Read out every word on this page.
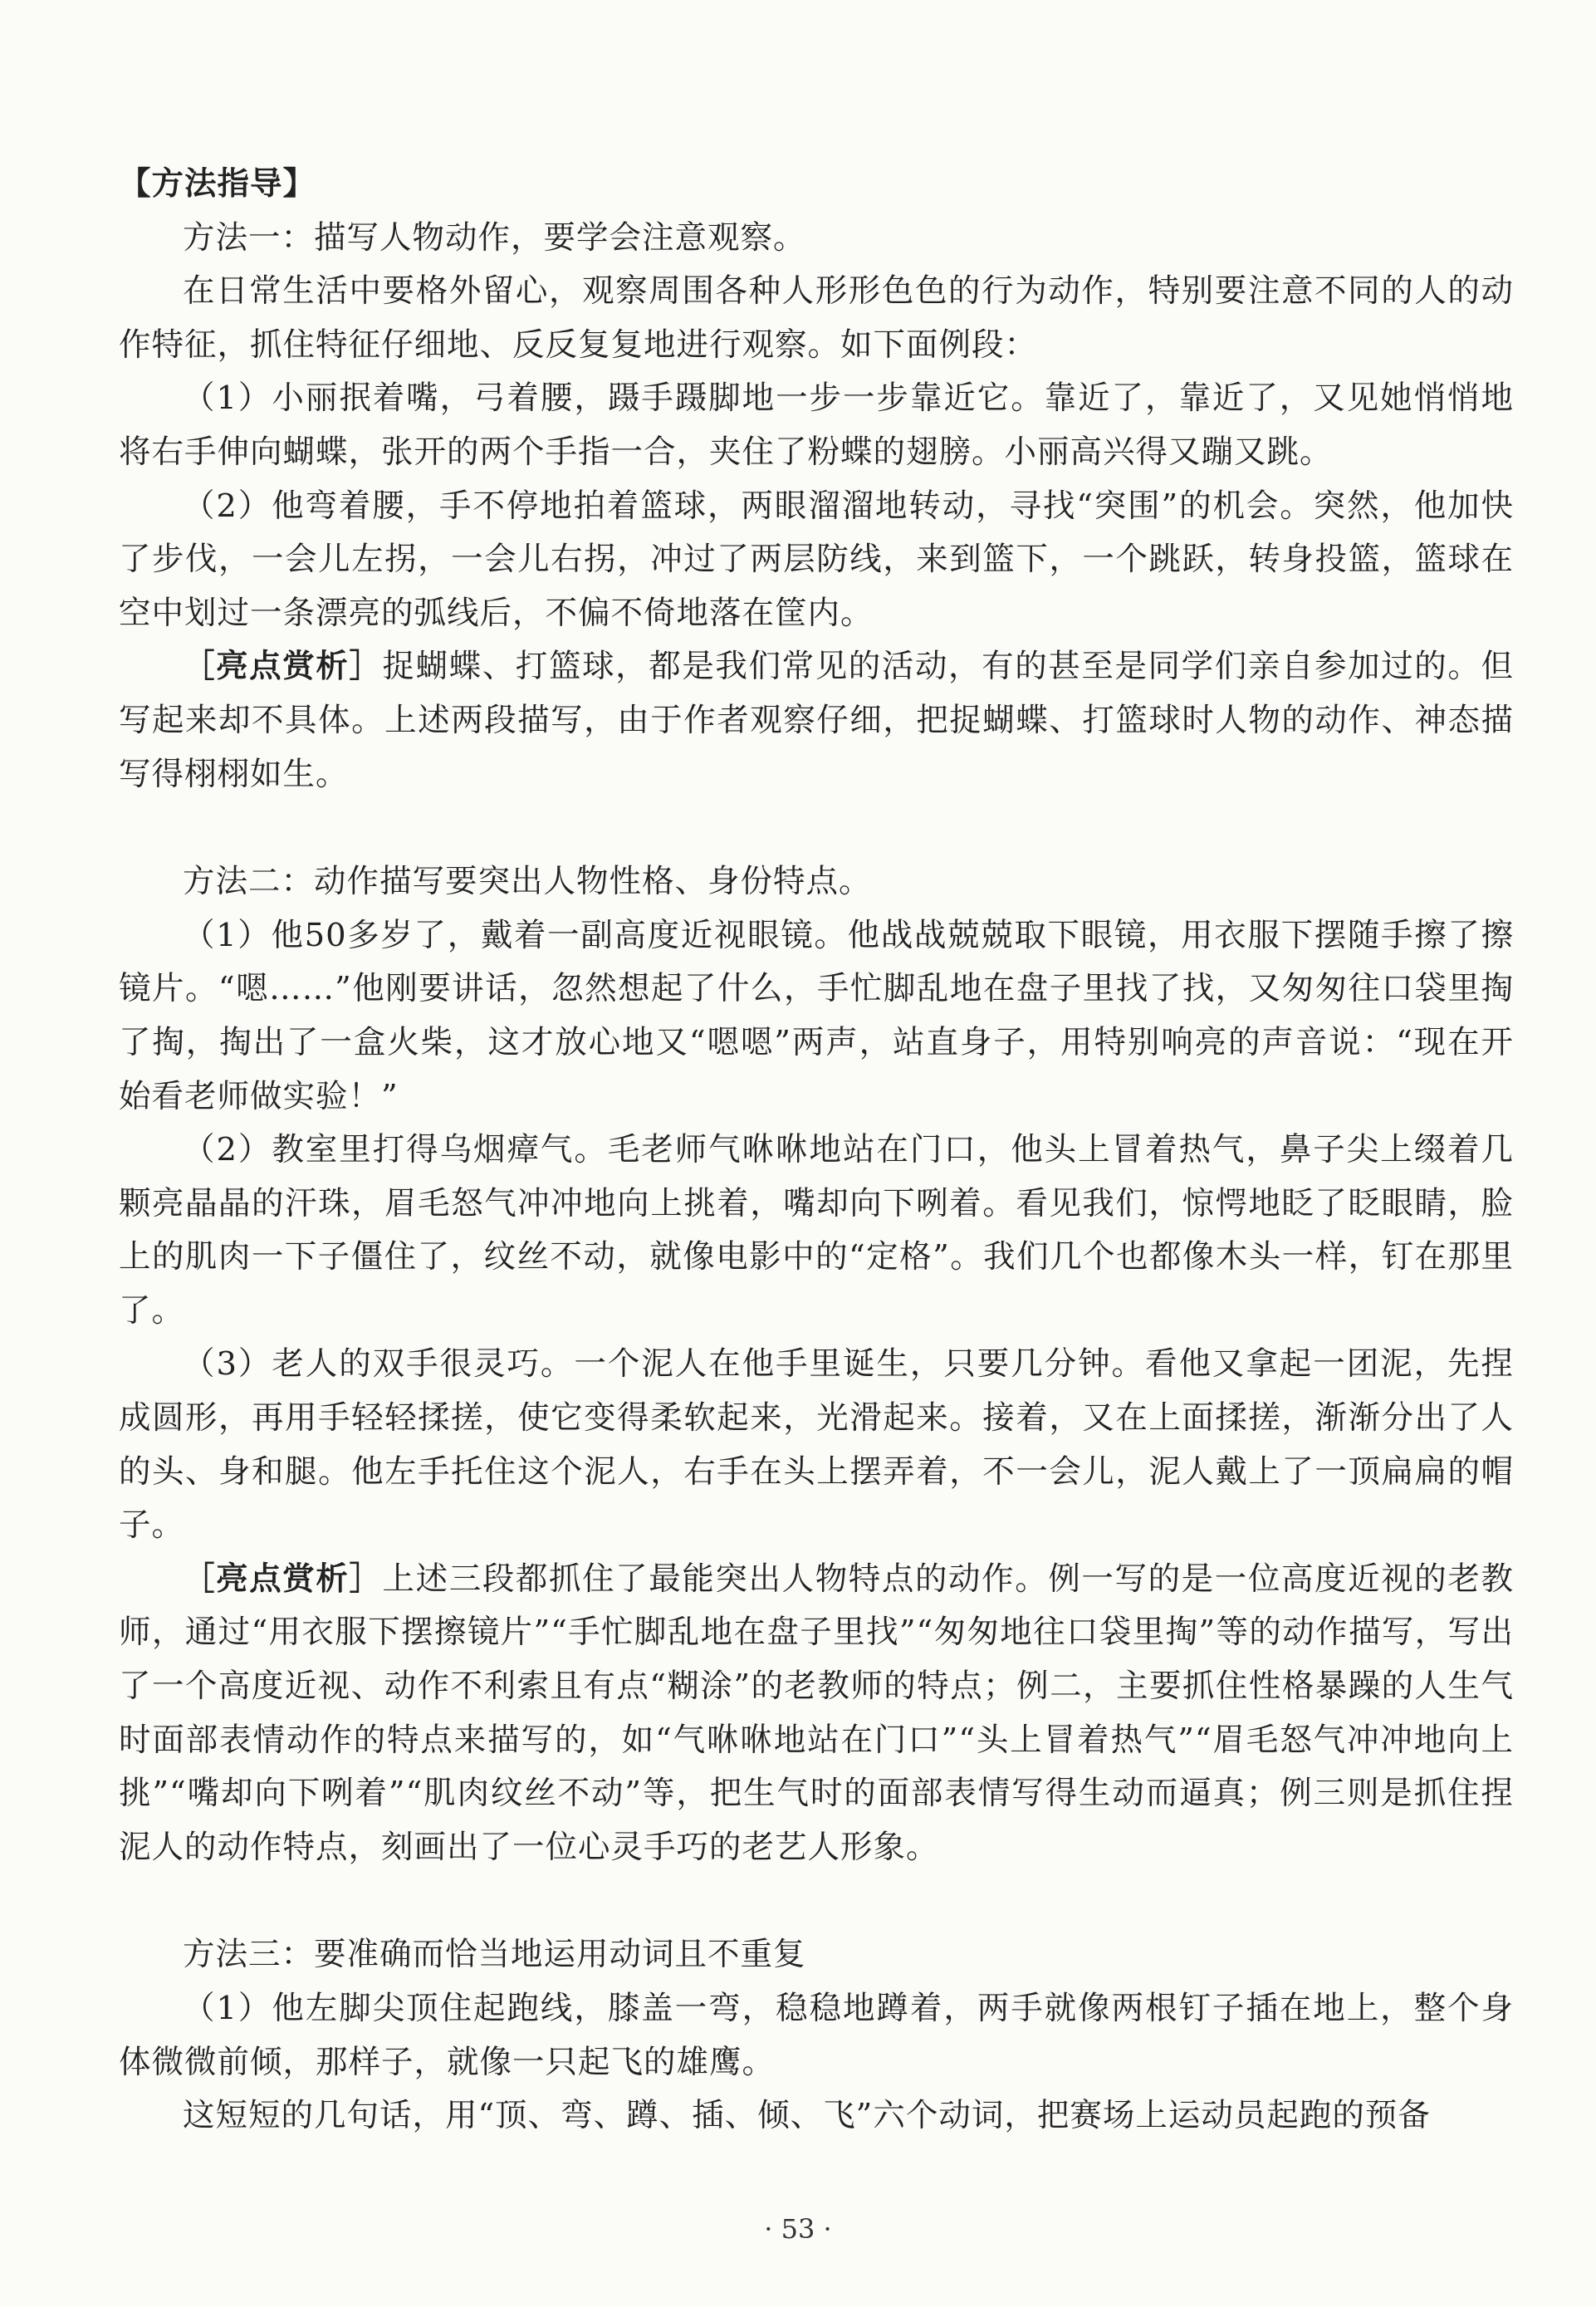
【方法指导】

方法一：描写人物动作，要学会注意观察。

在日常生活中要格外留心，观察周围各种人形形色色的行为动作，特别要注意不同的人的动作特征，抓住特征仔细地、反反复复地进行观察。如下面例段：

（1）小丽抿着嘴，弓着腰，蹑手蹑脚地一步一步靠近它。靠近了，靠近了，又见她悄悄地将右手伸向蝴蝶，张开的两个手指一合，夹住了粉蝶的翅膀。小丽高兴得又蹦又跳。

（2）他弯着腰，手不停地拍着篮球，两眼溜溜地转动，寻找“突围”的机会。突然，他加快了步伐，一会儿左拐，一会儿右拐，冲过了两层防线，来到篮下，一个跳跃，转身投篮，篮球在空中划过一条漂亮的弧线后，不偏不倚地落在筐内。

［亮点赏析］捉蝴蝶、打篮球，都是我们常见的活动，有的甚至是同学们亲自参加过的。但写起来却不具体。上述两段描写，由于作者观察仔细，把捉蝴蝶、打篮球时人物的动作、神态描写得栩栩如生。

方法二：动作描写要突出人物性格、身份特点。

（1）他50多岁了，戴着一副高度近视眼镜。他战战兢兢取下眼镜，用衣服下摆随手擦了擦镜片。“嗯……”他刚要讲话，忽然想起了什么，手忙脚乱地在盘子里找了找，又匆匆往口袋里掏了掏，掏出了一盒火柴，这才放心地又“嗯嗯”两声，站直身子，用特别响亮的声音说：“现在开始看老师做实验！”

（2）教室里打得乌烟瘴气。毛老师气咻咻地站在门口，他头上冒着热气，鼻子尖上缀着几颗亮晶晶的汗珠，眉毛怒气冲冲地向上挑着，嘴却向下咧着。看见我们，惊愕地眨了眨眼睛，脸上的肌肉一下子僵住了，纹丝不动，就像电影中的“定格”。我们几个也都像木头一样，钉在那里了。

（3）老人的双手很灵巧。一个泥人在他手里诞生，只要几分钟。看他又拿起一团泥，先捏成圆形，再用手轻轻揉搓，使它变得柔软起来，光滑起来。接着，又在上面揉搓，渐渐分出了人的头、身和腿。他左手托住这个泥人，右手在头上摆弄着，不一会儿，泥人戴上了一顶扁扁的帽子。

［亮点赏析］上述三段都抓住了最能突出人物特点的动作。例一写的是一位高度近视的老教师，通过“用衣服下摆擦镜片”“手忙脚乱地在盘子里找”“匆匆地往口袋里掏”等的动作描写，写出了一个高度近视、动作不利索且有点“糊涂”的老教师的特点；例二，主要抓住性格暴躁的人生气时面部表情动作的特点来描写的，如“气咻咻地站在门口”“头上冒着热气”“眉毛怒气冲冲地向上挑”“嘴却向下咧着”“肌肉纹丝不动”等，把生气时的面部表情写得生动而逼真；例三则是抓住捏泥人的动作特点，刻画出了一位心灵手巧的老艺人形象。

方法三：要准确而恰当地运用动词且不重复

（1）他左脚尖顶住起跑线，膝盖一弯，稳稳地蹲着，两手就像两根钉子插在地上，整个身体微微前倾，那样子，就像一只起飞的雄鹰。

这短短的几句话，用“顶、弯、蹲、插、倾、飞”六个动词，把赛场上运动员起跑的预备

· 53 ·
